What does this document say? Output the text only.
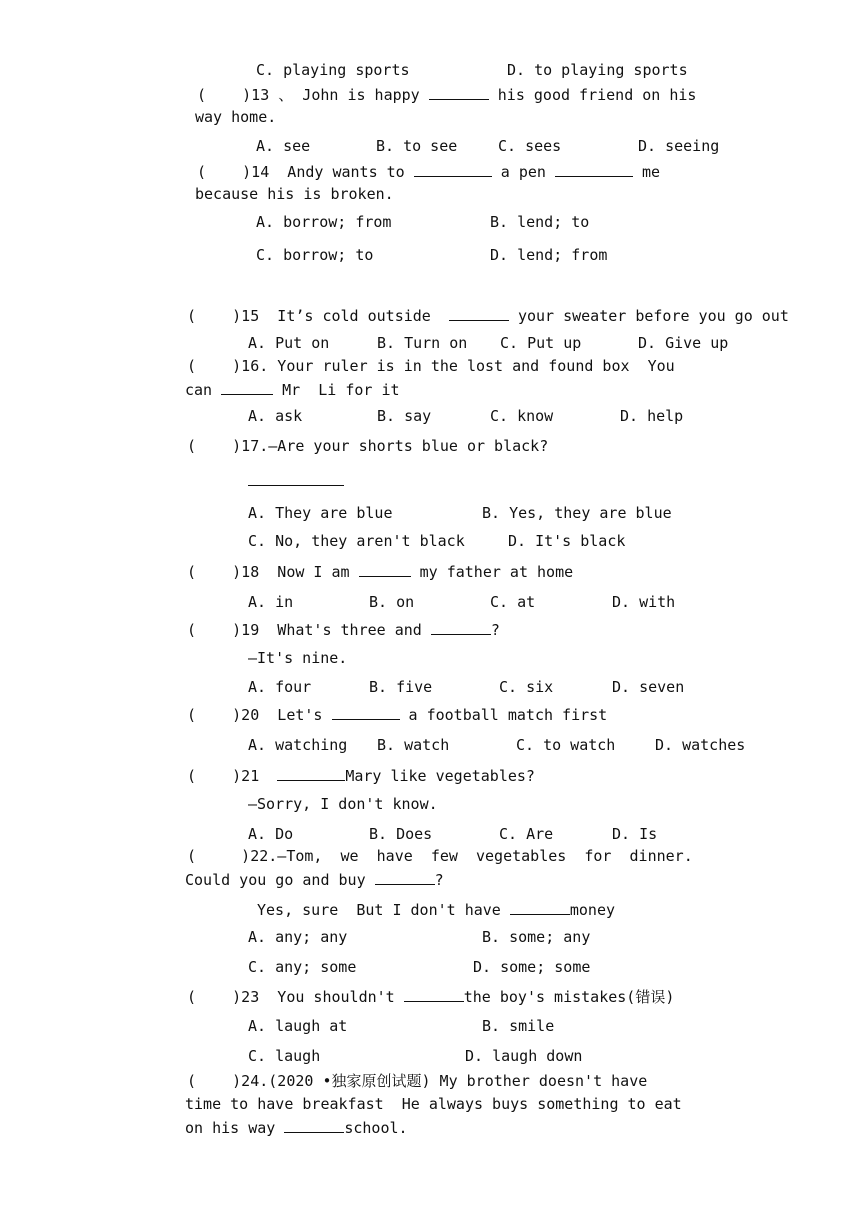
C. playing sports	D. to playing sports
(    )13 、 John is happy	his good friend on his
way home.
A. see	B. to see	C. sees	D. seeing
(    )14  Andy wants to	a pen	me
because his is broken.
A. borrow; from	B. lend; to
C. borrow; to	D. lend; from
(    )15  It’s cold outside	your sweater before you go out
A. Put on	B. Turn on C. Put up	D. Give up
(    )16. Your ruler is in the lost and found box  You
can	Mr  Li for it
A. ask	B. say	C. know	D. help
(    )17.—Are your shorts blue or black?
A. They are blue	B. Yes, they are blue
C. No, they aren't black	D. It's black
(    )18  Now I am	my father at home
A. in	B. on	C. at	D. with
(    )19  What's three and	?
—It's nine.
A. four	B. five	C. six	D. seven
(    )20  Let's	a football match first
A. watching B. watch	C. to watch	D. watches
(    )21	Mary like vegetables?
—Sorry, I don't know.
A. Do	B. Does	C. Are	D. Is
(     )22.—Tom,  we  have  few  vegetables  for  dinner.
Could you go and buy	?
Yes, sure  But I don't have	money
A. any; any	B. some; any
C. any; some	D. some; some
(    )23  You shouldn't	the boy's mistakes(错误)
A. laugh at	B. smile
C. laugh	D. laugh down
(    )24.(2020 •独家原创试题) My brother doesn't have
time to have breakfast  He always buys something to eat
on his way	school.
